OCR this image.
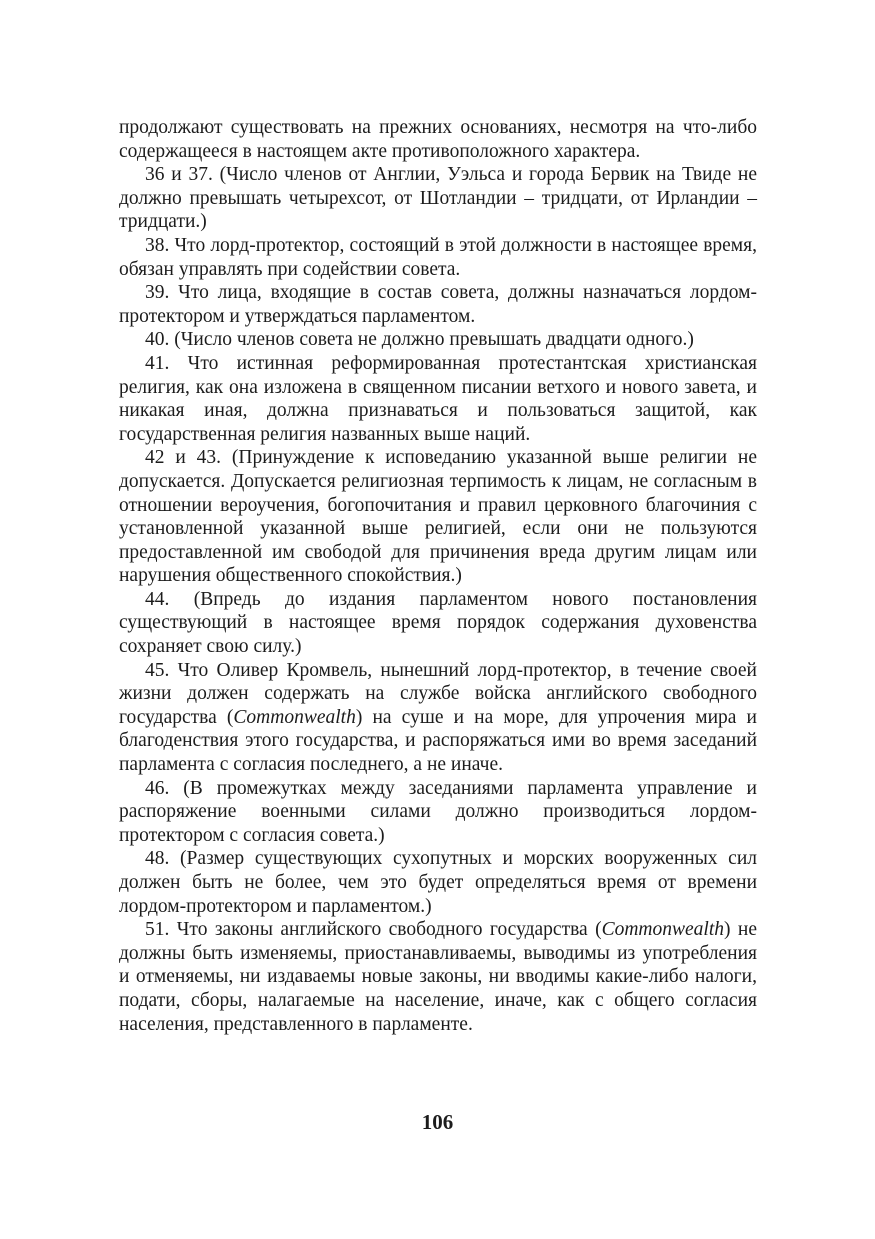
продолжают существовать на прежних основаниях, несмотря на что-либо содержащееся в настоящем акте противоположного характера.

36 и 37. (Число членов от Англии, Уэльса и города Бервик на Твиде не должно превышать четырехсот, от Шотландии – тридцати, от Ирландии – тридцати.)

38. Что лорд-протектор, состоящий в этой должности в настоящее время, обязан управлять при содействии совета.

39. Что лица, входящие в состав совета, должны назначаться лордом-протектором и утверждаться парламентом.

40. (Число членов совета не должно превышать двадцати одного.)

41. Что истинная реформированная протестантская христианская религия, как она изложена в священном писании ветхого и нового завета, и никакая иная, должна признаваться и пользоваться защитой, как государственная религия названных выше наций.

42 и 43. (Принуждение к исповеданию указанной выше религии не допускается. Допускается религиозная терпимость к лицам, не согласным в отношении вероучения, богопочитания и правил церковного благочиния с установленной указанной выше религией, если они не пользуются предоставленной им свободой для причинения вреда другим лицам или нарушения общественного спокойствия.)

44. (Впредь до издания парламентом нового постановления существующий в настоящее время порядок содержания духовенства сохраняет свою силу.)

45. Что Оливер Кромвель, нынешний лорд-протектор, в течение своей жизни должен содержать на службе войска английского свободного государства (Commonwealth) на суше и на море, для упрочения мира и благоденствия этого государства, и распоряжаться ими во время заседаний парламента с согласия последнего, а не иначе.

46. (В промежутках между заседаниями парламента управление и распоряжение военными силами должно производиться лордом-протектором с согласия совета.)

48. (Размер существующих сухопутных и морских вооруженных сил должен быть не более, чем это будет определяться время от времени лордом-протектором и парламентом.)

51. Что законы английского свободного государства (Commonwealth) не должны быть изменяемы, приостанавливаемы, выводимы из употребления и отменяемы, ни издаваемы новые законы, ни вводимы какие-либо налоги, подати, сборы, налагаемые на население, иначе, как с общего согласия населения, представленного в парламенте.

106
